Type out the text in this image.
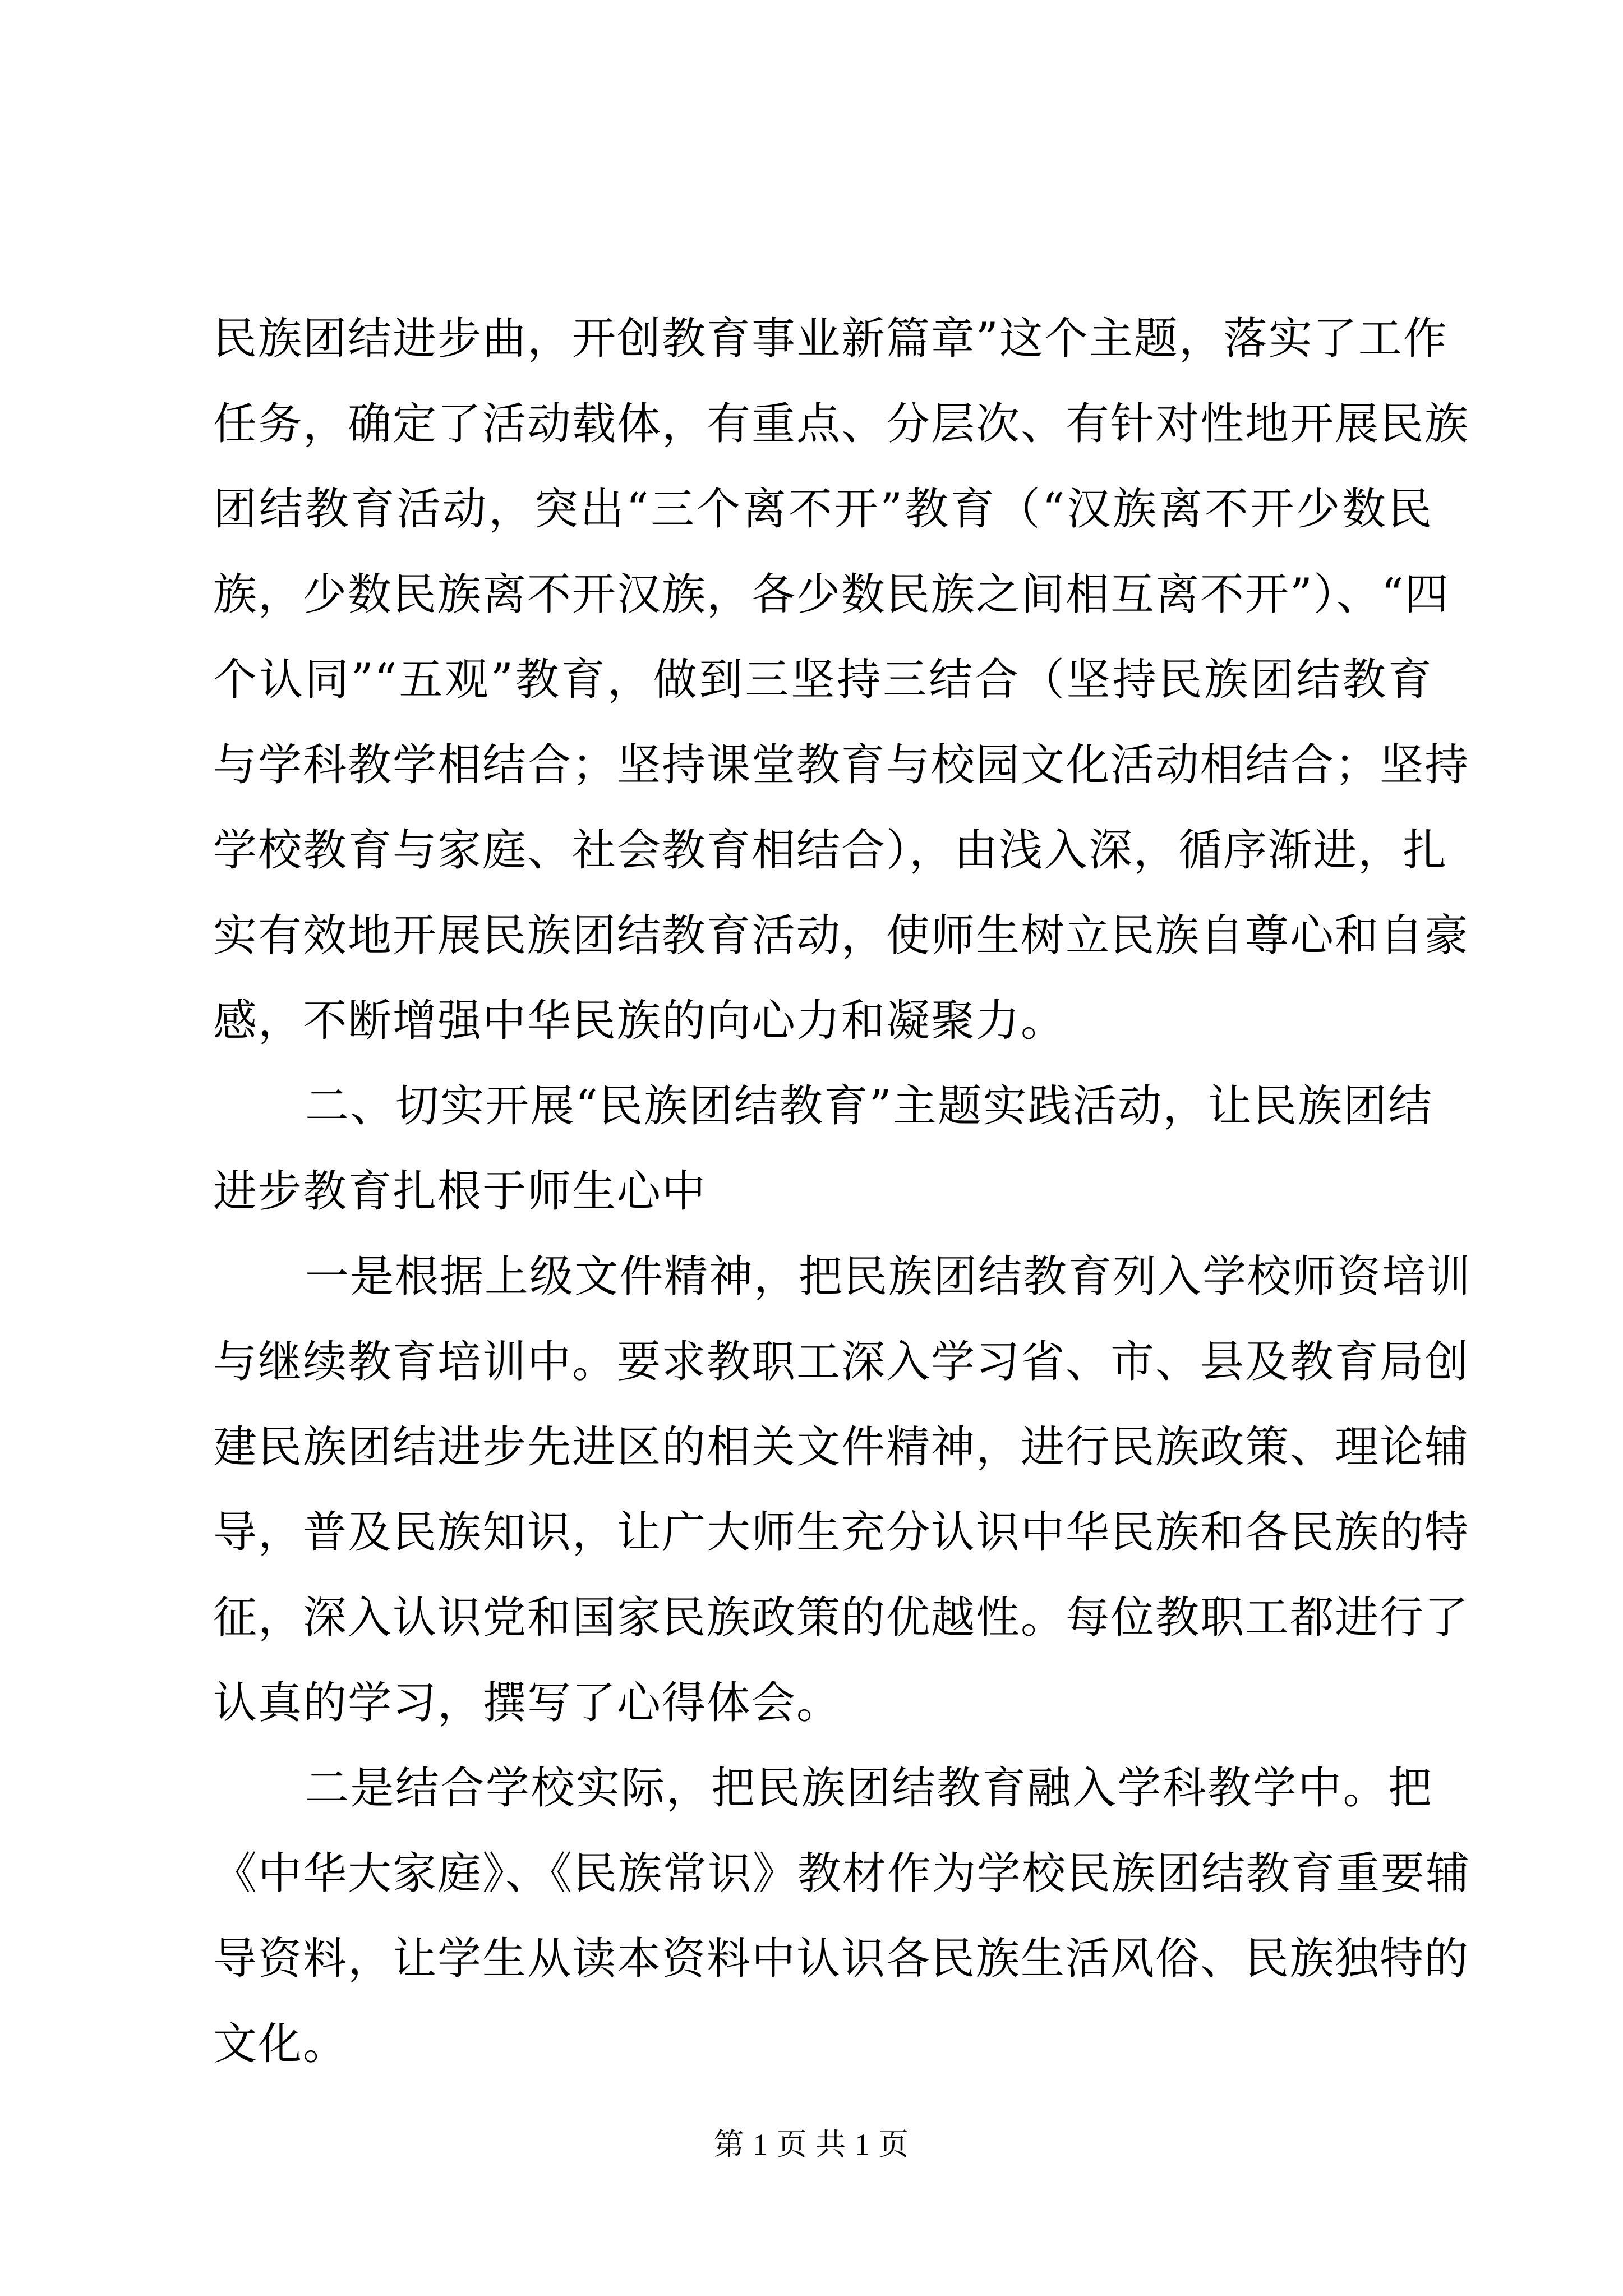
民族团结进步曲，开创教育事业新篇章”这个主题，落实了工作
任务，确定了活动载体，有重点、分层次、有针对性地开展民族
团结教育活动，突出“三个离不开”教育（“汉族离不开少数民
族，少数民族离不开汉族，各少数民族之间相互离不开”）、“四
个认同”“五观”教育，做到三坚持三结合（坚持民族团结教育
与学科教学相结合；坚持课堂教育与校园文化活动相结合；坚持
学校教育与家庭、社会教育相结合），由浅入深，循序渐进，扎
实有效地开展民族团结教育活动，使师生树立民族自尊心和自豪
感，不断增强中华民族的向心力和凝聚力。

二、切实开展“民族团结教育”主题实践活动，让民族团结
进步教育扎根于师生心中

一是根据上级文件精神，把民族团结教育列入学校师资培训
与继续教育培训中。要求教职工深入学习省、市、县及教育局创
建民族团结进步先进区的相关文件精神，进行民族政策、理论辅
导，普及民族知识，让广大师生充分认识中华民族和各民族的特
征，深入认识党和国家民族政策的优越性。每位教职工都进行了
认真的学习，撰写了心得体会。

二是结合学校实际，把民族团结教育融入学科教学中。把
《中华大家庭》、《民族常识》教材作为学校民族团结教育重要辅
导资料，让学生从读本资料中认识各民族生活风俗、民族独特的
文化。

第 1 页 共 1 页
